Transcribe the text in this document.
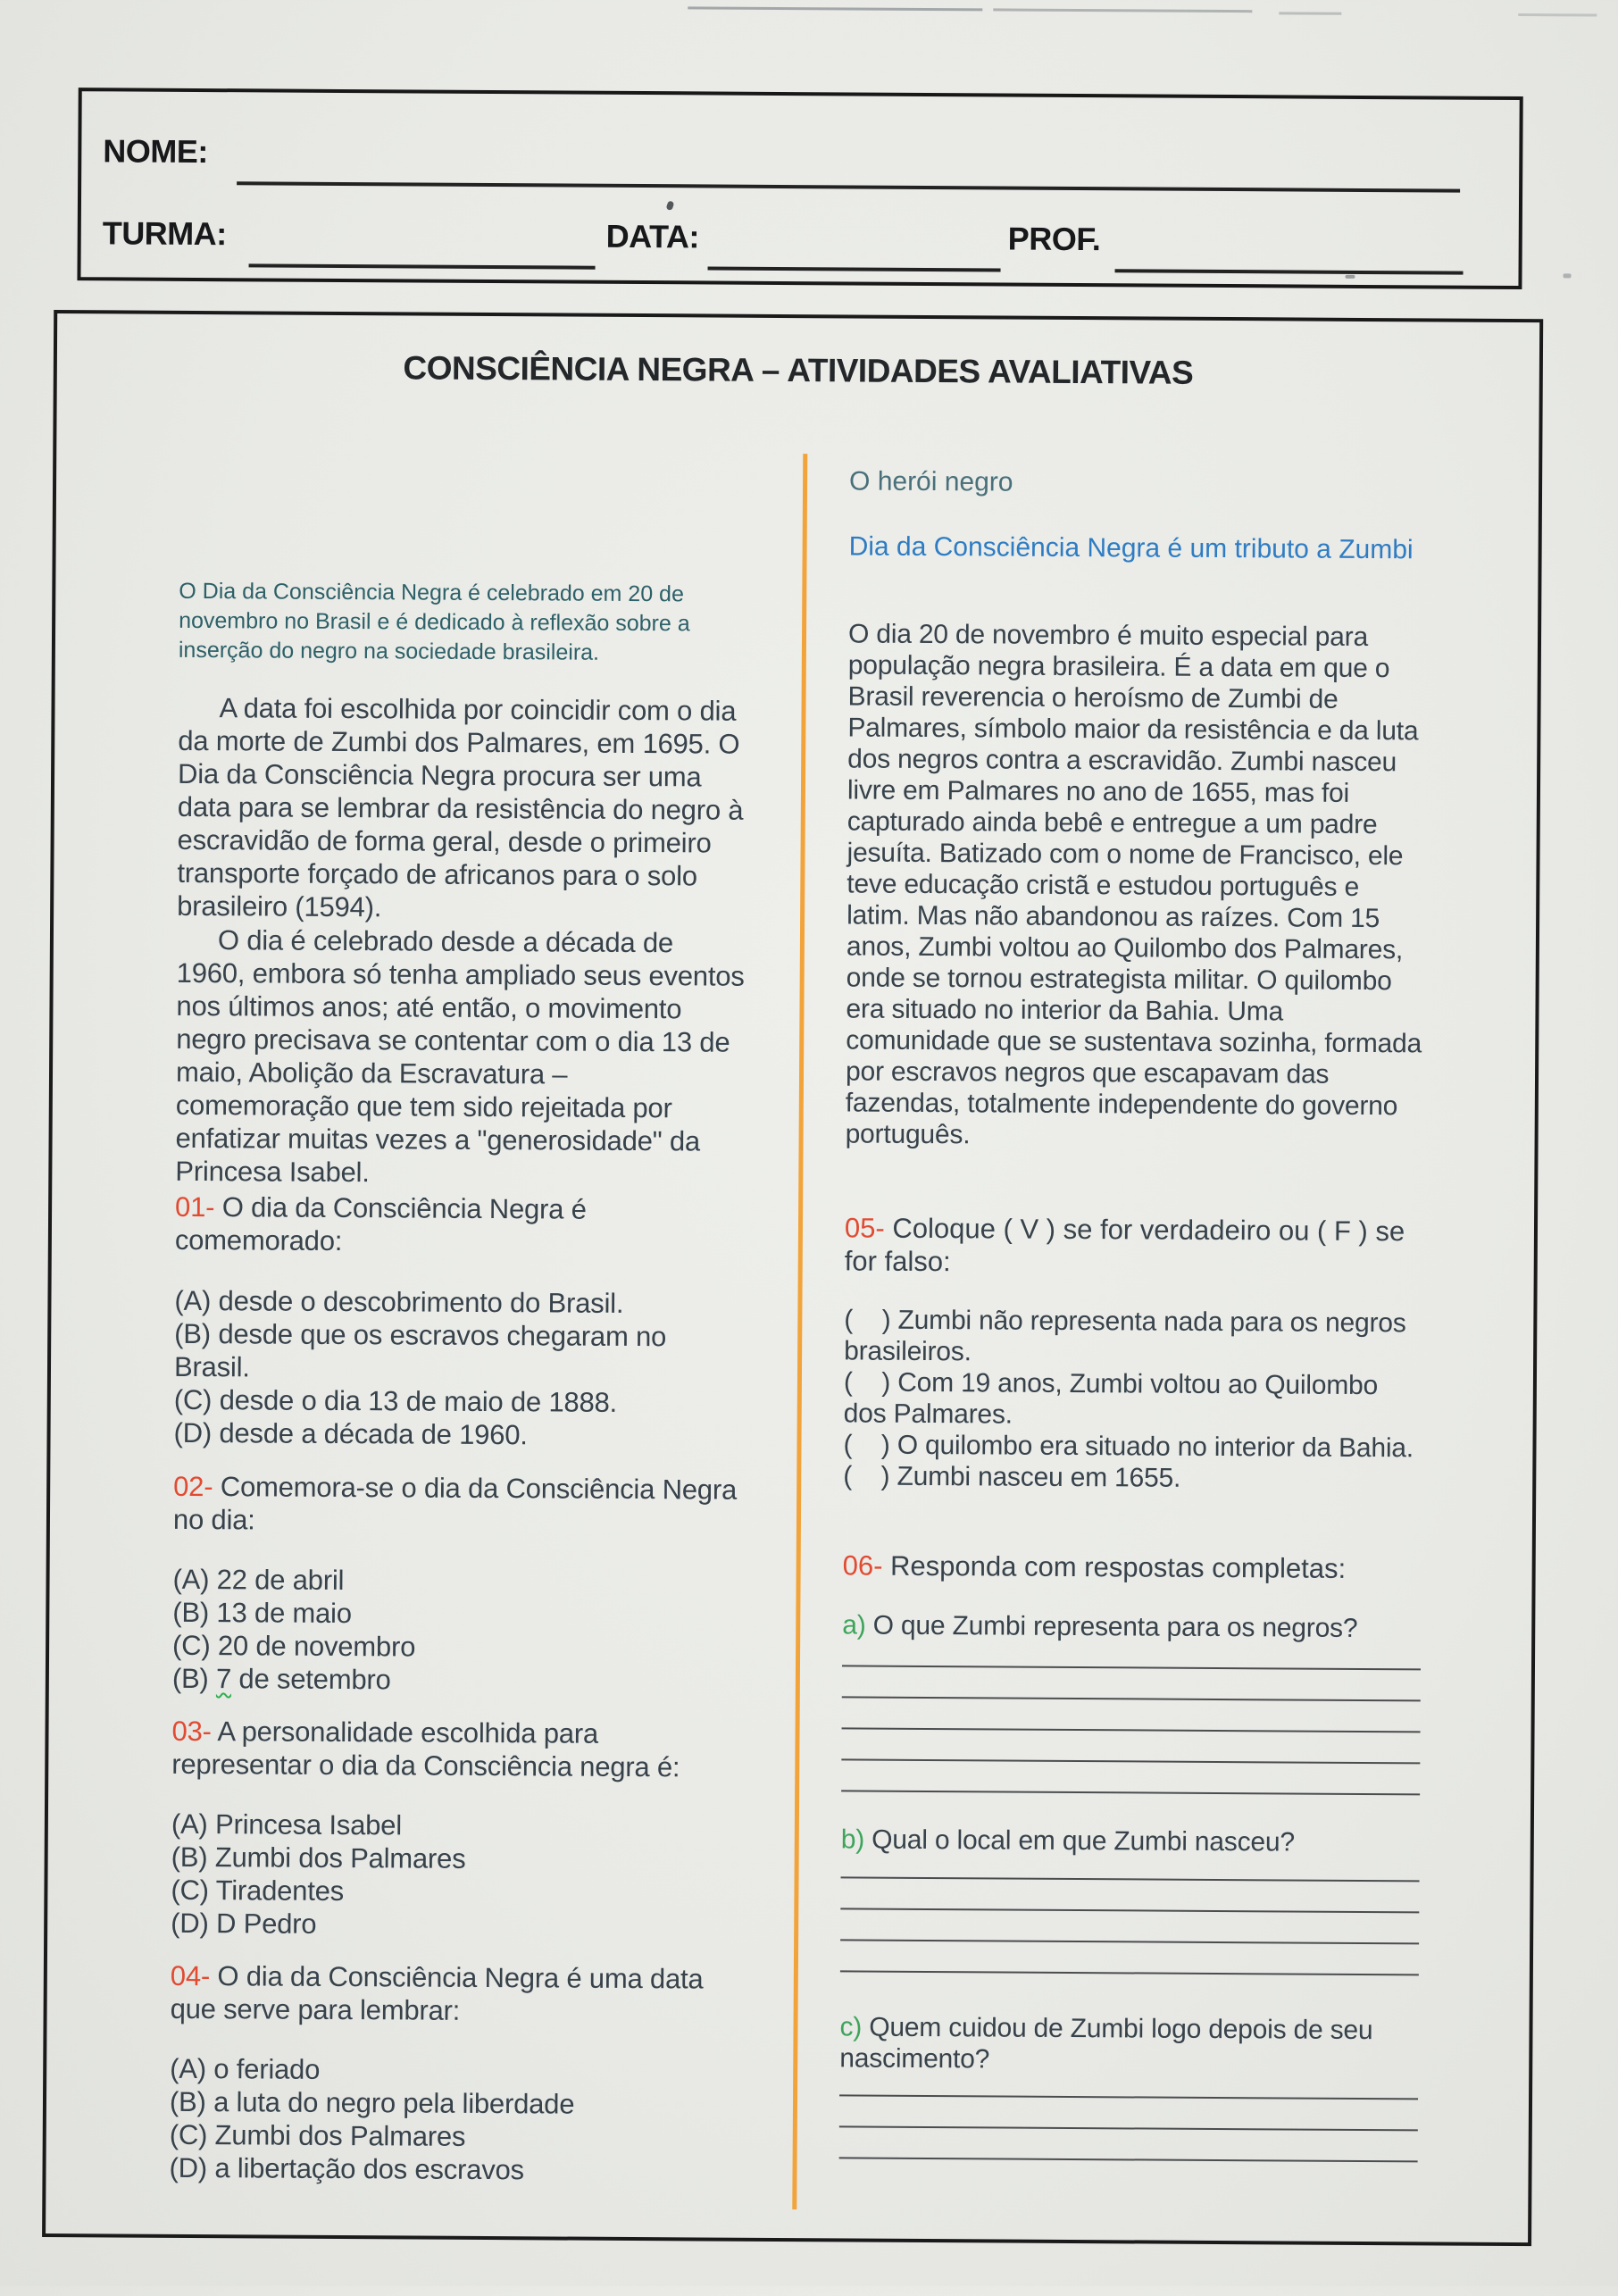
NOME:
TURMA:	DATA:	PROF.
CONSCIÊNCIA NEGRA – ATIVIDADES AVALIATIVAS
O Dia da Consciência Negra é celebrado em 20 de novembro no Brasil e é dedicado à reflexão sobre a inserção do negro na sociedade brasileira.
A data foi escolhida por coincidir com o dia da morte de Zumbi dos Palmares, em 1695. O Dia da Consciência Negra procura ser uma data para se lembrar da resistência do negro à escravidão de forma geral, desde o primeiro transporte forçado de africanos para o solo brasileiro (1594).
O dia é celebrado desde a década de 1960, embora só tenha ampliado seus eventos nos últimos anos; até então, o movimento negro precisava se contentar com o dia 13 de maio, Abolição da Escravatura – comemoração que tem sido rejeitada por enfatizar muitas vezes a "generosidade" da Princesa Isabel.
01- O dia da Consciência Negra é comemorado:
(A) desde o descobrimento do Brasil.
(B) desde que os escravos chegaram no Brasil.
(C) desde o dia 13 de maio de 1888.
(D) desde a década de 1960.
02- Comemora-se o dia da Consciência Negra no dia:
(A) 22 de abril
(B) 13 de maio
(C) 20 de novembro
(B) 7 de setembro
03- A personalidade escolhida para representar o dia da Consciência negra é:
(A) Princesa Isabel
(B) Zumbi dos Palmares
(C) Tiradentes
(D) D Pedro
04- O dia da Consciência Negra é uma data que serve para lembrar:
(A) o feriado
(B) a luta do negro pela liberdade
(C) Zumbi dos Palmares
(D) a libertação dos escravos
O herói negro
Dia da Consciência Negra é um tributo a Zumbi
O dia 20 de novembro é muito especial para população negra brasileira. É a data em que o Brasil reverencia o heroísmo de Zumbi de Palmares, símbolo maior da resistência e da luta dos negros contra a escravidão. Zumbi nasceu livre em Palmares no ano de 1655, mas foi capturado ainda bebê e entregue a um padre jesuíta. Batizado com o nome de Francisco, ele teve educação cristã e estudou português e latim. Mas não abandonou as raízes. Com 15 anos, Zumbi voltou ao Quilombo dos Palmares, onde se tornou estrategista militar. O quilombo era situado no interior da Bahia. Uma comunidade que se sustentava sozinha, formada por escravos negros que escapavam das fazendas, totalmente independente do governo português.
05- Coloque ( V ) se for verdadeiro ou ( F ) se for falso:
(    ) Zumbi não representa nada para os negros brasileiros.
(    ) Com 19 anos, Zumbi voltou ao Quilombo dos Palmares.
(    ) O quilombo era situado no interior da Bahia.
(    ) Zumbi nasceu em 1655.
06- Responda com respostas completas:
a) O que Zumbi representa para os negros?
b) Qual o local em que Zumbi nasceu?
c) Quem cuidou de Zumbi logo depois de seu nascimento?
